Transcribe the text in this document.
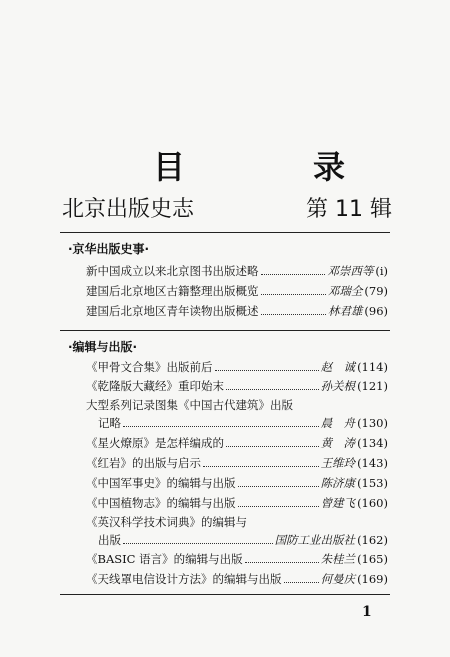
目　录
北京出版史志	第 11 辑
·京华出版史事·
新中国成立以来北京图书出版述略	邓崇西等 (ⅰ)
建国后北京地区古籍整理出版概览	邓瑞全 (79)
建国后北京地区青年读物出版概述	林君雄 (96)
·编辑与出版·
《甲骨文合集》出版前后	赵　诚 (114)
《乾隆版大藏经》重印始末	孙关根 (121)
大型系列记录图集《中国古代建筑》出版
记略	晨　舟 (130)
《星火燎原》是怎样编成的	黄　涛 (134)
《红岩》的出版与启示	王维玲 (143)
《中国军事史》的编辑与出版	陈济康 (153)
《中国植物志》的编辑与出版	曾建飞 (160)
《英汉科学技术词典》的编辑与
出版	国防工业出版社 (162)
《BASIC 语言》的编辑与出版	朱桂兰 (165)
《天线罩电信设计方法》的编辑与出版	何曼庆 (169)
1
